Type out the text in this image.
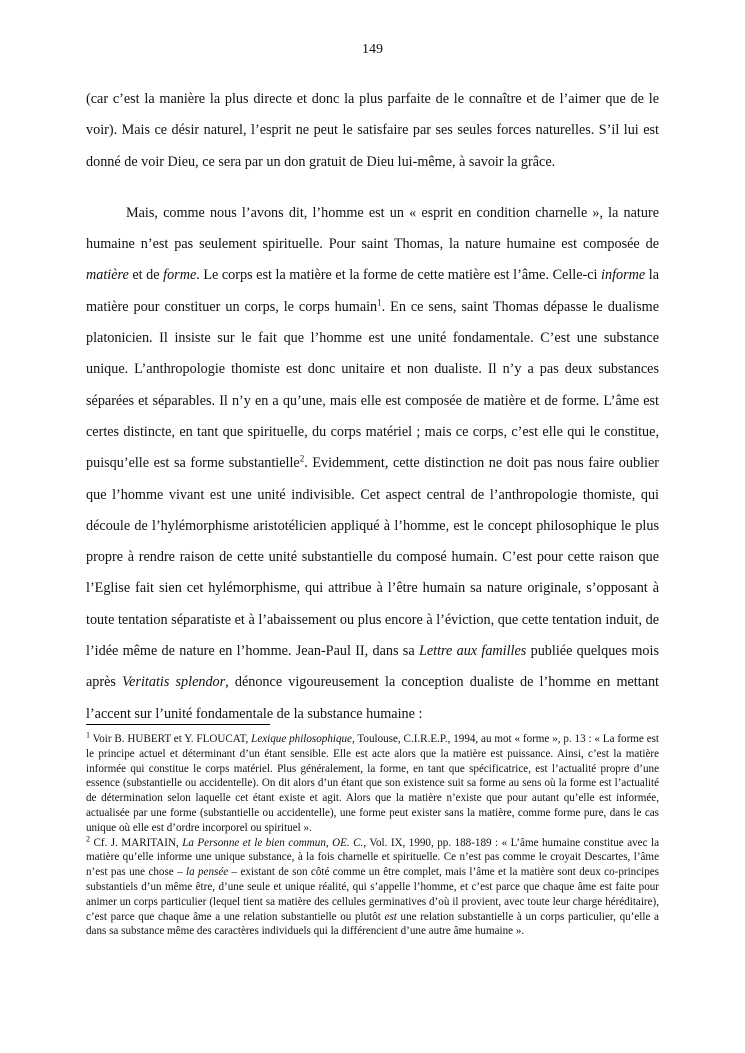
149

(car c’est la manière la plus directe et donc la plus parfaite de le connaître et de l’aimer que de le voir). Mais ce désir naturel, l’esprit ne peut le satisfaire par ses seules forces naturelles. S’il lui est donné de voir Dieu, ce sera par un don gratuit de Dieu lui-même, à savoir la grâce.

Mais, comme nous l’avons dit, l’homme est un « esprit en condition charnelle », la nature humaine n’est pas seulement spirituelle. Pour saint Thomas, la nature humaine est composée de matière et de forme. Le corps est la matière et la forme de cette matière est l’âme. Celle-ci informe la matière pour constituer un corps, le corps humain$^1$. En ce sens, saint Thomas dépasse le dualisme platonicien. Il insiste sur le fait que l’homme est une unité fondamentale. C’est une substance unique. L’anthropologie thomiste est donc unitaire et non dualiste. Il n’y a pas deux substances séparées et séparables. Il n’y en a qu’une, mais elle est composée de matière et de forme. L’âme est certes distincte, en tant que spirituelle, du corps matériel ; mais ce corps, c’est elle qui le constitue, puisqu’elle est sa forme substantielle$^2$. Evidemment, cette distinction ne doit pas nous faire oublier que l’homme vivant est une unité indivisible. Cet aspect central de l’anthropologie thomiste, qui découle de l’hylémorphisme aristotélicien appliqué à l’homme, est le concept philosophique le plus propre à rendre raison de cette unité substantielle du composé humain. C’est pour cette raison que l’Eglise fait sien cet hylémorphisme, qui attribue à l’être humain sa nature originale, s’opposant à toute tentation séparatiste et à l’abaissement ou plus encore à l’éviction, que cette tentation induit, de l’idée même de nature en l’homme. Jean-Paul II, dans sa Lettre aux familles publiée quelques mois après Veritatis splendor, dénonce vigoureusement la conception dualiste de l’homme en mettant l’accent sur l’unité fondamentale de la substance humaine :

$^1$ Voir B. HUBERT et Y. FLOUCAT, Lexique philosophique, Toulouse, C.I.R.E.P., 1994, au mot « forme », p. 13 : « La forme est le principe actuel et déterminant d’un étant sensible. Elle est acte alors que la matière est puissance. Ainsi, c’est la matière informée qui constitue le corps matériel. Plus généralement, la forme, en tant que spécificatrice, est l’actualité propre d’une essence (substantielle ou accidentelle). On dit alors d’un étant que son existence suit sa forme au sens où la forme est l’actualité de détermination selon laquelle cet étant existe et agit. Alors que la matière n’existe que pour autant qu’elle est informée, actualisée par une forme (substantielle ou accidentelle), une forme peut exister sans la matière, comme forme pure, dans le cas unique où elle est d’ordre incorporel ou spirituel ».

$^2$ Cf. J. MARITAIN, La Personne et le bien commun, OE. C., Vol. IX, 1990, pp. 188-189 : « L’âme humaine constitue avec la matière qu’elle informe une unique substance, à la fois charnelle et spirituelle. Ce n’est pas comme le croyait Descartes, l’âme n’est pas une chose – la pensée – existant de son côté comme un être complet, mais l’âme et la matière sont deux co-principes substantiels d’un même être, d’une seule et unique réalité, qui s’appelle l’homme, et c’est parce que chaque âme est faite pour animer un corps particulier (lequel tient sa matière des cellules germinatives d’où il provient, avec toute leur charge héréditaire), c’est parce que chaque âme a une relation substantielle ou plutôt est une relation substantielle à un corps particulier, qu’elle a dans sa substance même des caractères individuels qui la différencient d’une autre âme humaine ».
